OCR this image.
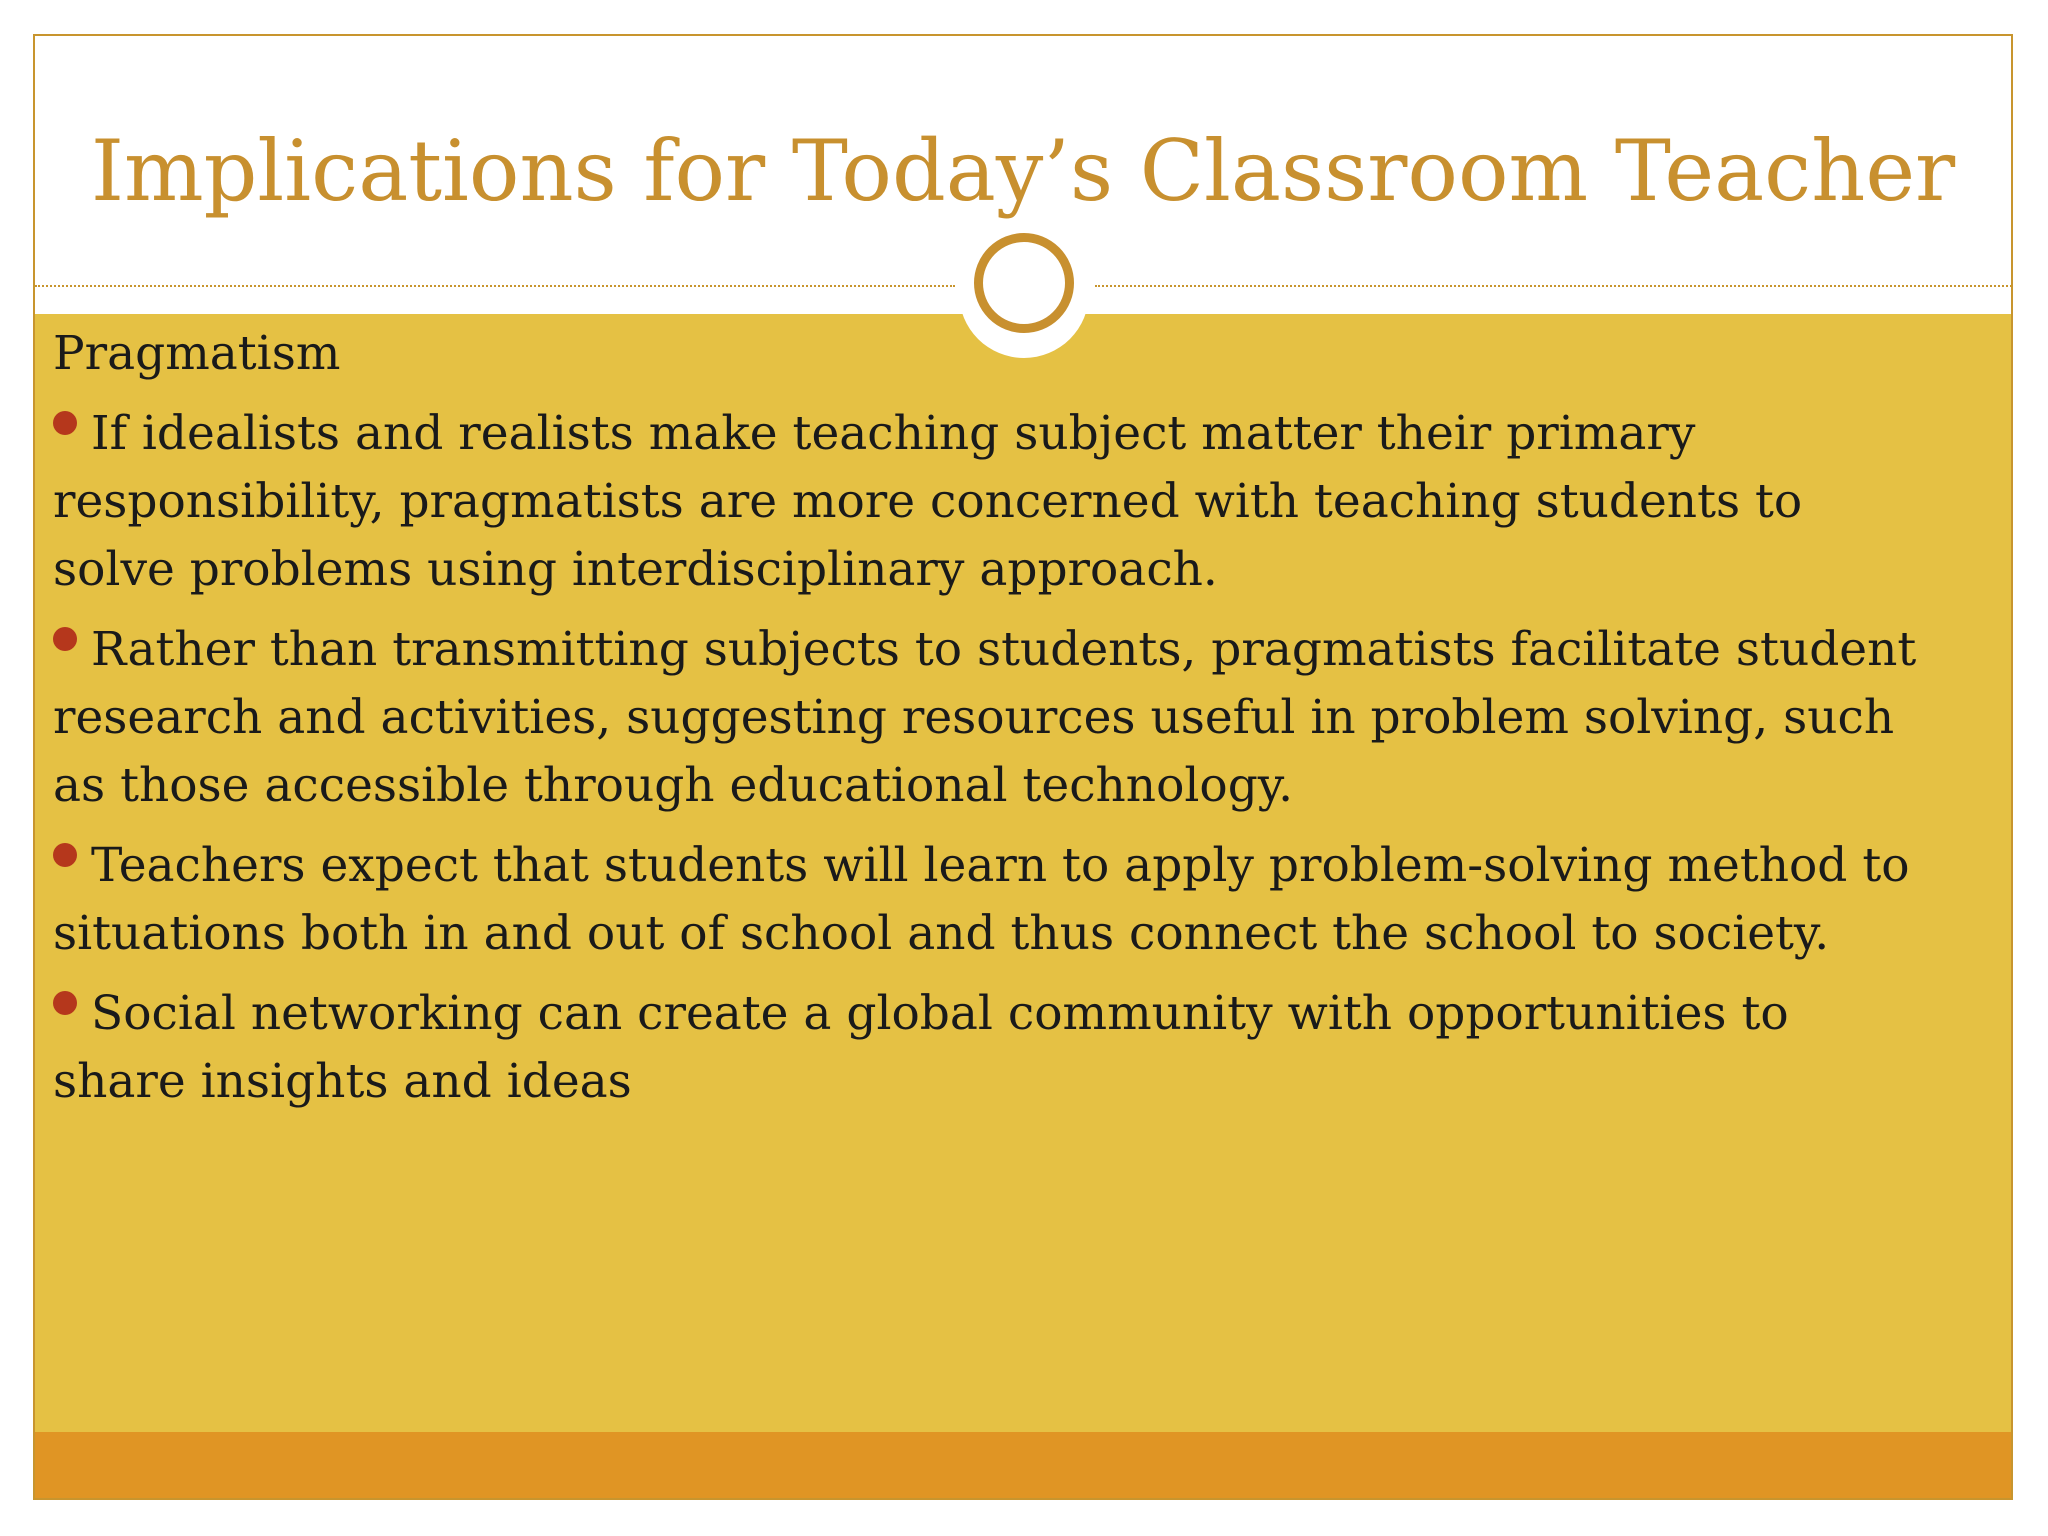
Implications for Today’s Classroom Teacher
Pragmatism
If idealists and realists make teaching subject matter their primary responsibility, pragmatists are more concerned with teaching students to solve problems using interdisciplinary approach.
Rather than transmitting subjects to students, pragmatists facilitate student research and activities, suggesting resources useful in problem solving, such as those accessible through educational technology.
Teachers expect that students will learn to apply problem-solving method to situations both in and out of school and thus connect the school to society.
Social networking can create a global community with opportunities to share insights and ideas
